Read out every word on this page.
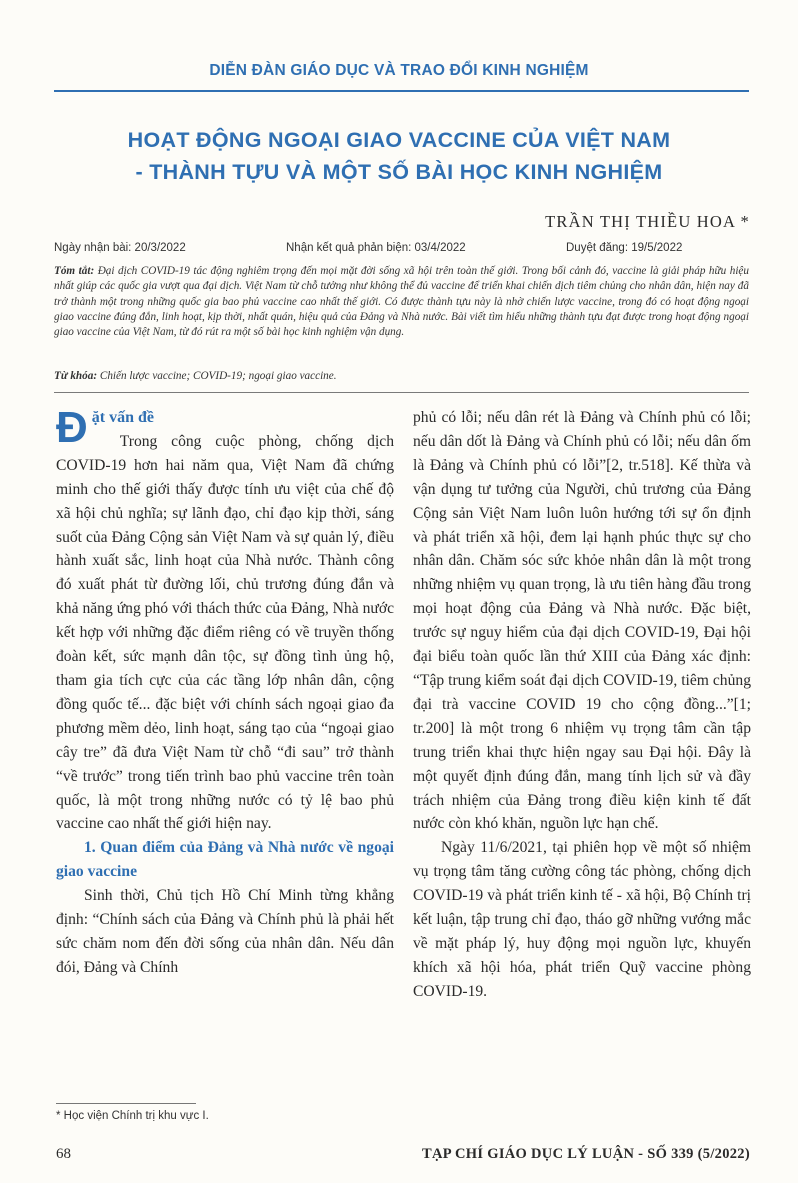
DIỄN ĐÀN GIÁO DỤC VÀ TRAO ĐỔI KINH NGHIỆM
HOẠT ĐỘNG NGOẠI GIAO VACCINE CỦA VIỆT NAM
- THÀNH TỰU VÀ MỘT SỐ BÀI HỌC KINH NGHIỆM
TRẦN THỊ THIỀU HOA *
Ngày nhận bài: 20/3/2022	Nhận kết quả phản biện: 03/4/2022	Duyệt đăng: 19/5/2022
Tóm tắt: Đại dịch COVID-19 tác động nghiêm trọng đến mọi mặt đời sống xã hội trên toàn thế giới. Trong bối cảnh đó, vaccine là giải pháp hữu hiệu nhất giúp các quốc gia vượt qua đại dịch. Việt Nam từ chỗ tưởng như không thể đủ vaccine để triển khai chiến dịch tiêm chủng cho nhân dân, hiện nay đã trở thành một trong những quốc gia bao phủ vaccine cao nhất thế giới. Có được thành tựu này là nhờ chiến lược vaccine, trong đó có hoạt động ngoại giao vaccine đúng đắn, linh hoạt, kịp thời, nhất quán, hiệu quả của Đảng và Nhà nước. Bài viết tìm hiểu những thành tựu đạt được trong hoạt động ngoại giao vaccine của Việt Nam, từ đó rút ra một số bài học kinh nghiệm vận dụng.
Từ khóa: Chiến lược vaccine; COVID-19; ngoại giao vaccine.
Đ ặt vấn đề

Trong công cuộc phòng, chống dịch COVID-19 hơn hai năm qua, Việt Nam đã chứng minh cho thế giới thấy được tính ưu việt của chế độ xã hội chủ nghĩa; sự lãnh đạo, chỉ đạo kịp thời, sáng suốt của Đảng Cộng sản Việt Nam và sự quản lý, điều hành xuất sắc, linh hoạt của Nhà nước. Thành công đó xuất phát từ đường lối, chủ trương đúng đắn và khả năng ứng phó với thách thức của Đảng, Nhà nước kết hợp với những đặc điểm riêng có về truyền thống đoàn kết, sức mạnh dân tộc, sự đồng tình ủng hộ, tham gia tích cực của các tầng lớp nhân dân, cộng đồng quốc tế... đặc biệt với chính sách ngoại giao đa phương mềm dẻo, linh hoạt, sáng tạo của “ngoại giao cây tre” đã đưa Việt Nam từ chỗ “đi sau” trở thành “về trước” trong tiến trình bao phủ vaccine trên toàn quốc, là một trong những nước có tỷ lệ bao phủ vaccine cao nhất thế giới hiện nay.

1. Quan điểm của Đảng và Nhà nước về ngoại giao vaccine

Sinh thời, Chủ tịch Hồ Chí Minh từng khẳng định: “Chính sách của Đảng và Chính phủ là phải hết sức chăm nom đến đời sống của nhân dân. Nếu dân đói, Đảng và Chính

phủ có lỗi; nếu dân rét là Đảng và Chính phủ có lỗi; nếu dân dốt là Đảng và Chính phủ có lỗi; nếu dân ốm là Đảng và Chính phủ có lỗi”[2, tr.518]. Kế thừa và vận dụng tư tưởng của Người, chủ trương của Đảng Cộng sản Việt Nam luôn luôn hướng tới sự ổn định và phát triển xã hội, đem lại hạnh phúc thực sự cho nhân dân. Chăm sóc sức khỏe nhân dân là một trong những nhiệm vụ quan trọng, là ưu tiên hàng đầu trong mọi hoạt động của Đảng và Nhà nước. Đặc biệt, trước sự nguy hiểm của đại dịch COVID-19, Đại hội đại biểu toàn quốc lần thứ XIII của Đảng xác định: “Tập trung kiểm soát đại dịch COVID-19, tiêm chủng đại trà vaccine COVID 19 cho cộng đồng...”[1; tr.200] là một trong 6 nhiệm vụ trọng tâm cần tập trung triển khai thực hiện ngay sau Đại hội. Đây là một quyết định đúng đắn, mang tính lịch sử và đầy trách nhiệm của Đảng trong điều kiện kinh tế đất nước còn khó khăn, nguồn lực hạn chế.

Ngày 11/6/2021, tại phiên họp về một số nhiệm vụ trọng tâm tăng cường công tác phòng, chống dịch COVID-19 và phát triển kinh tế - xã hội, Bộ Chính trị kết luận, tập trung chỉ đạo, tháo gỡ những vướng mắc về mặt pháp lý, huy động mọi nguồn lực, khuyến khích xã hội hóa, phát triển Quỹ vaccine phòng COVID-19.

* Học viện Chính trị khu vực I.
68	TẠP CHÍ GIÁO DỤC LÝ LUẬN - SỐ 339 (5/2022)
